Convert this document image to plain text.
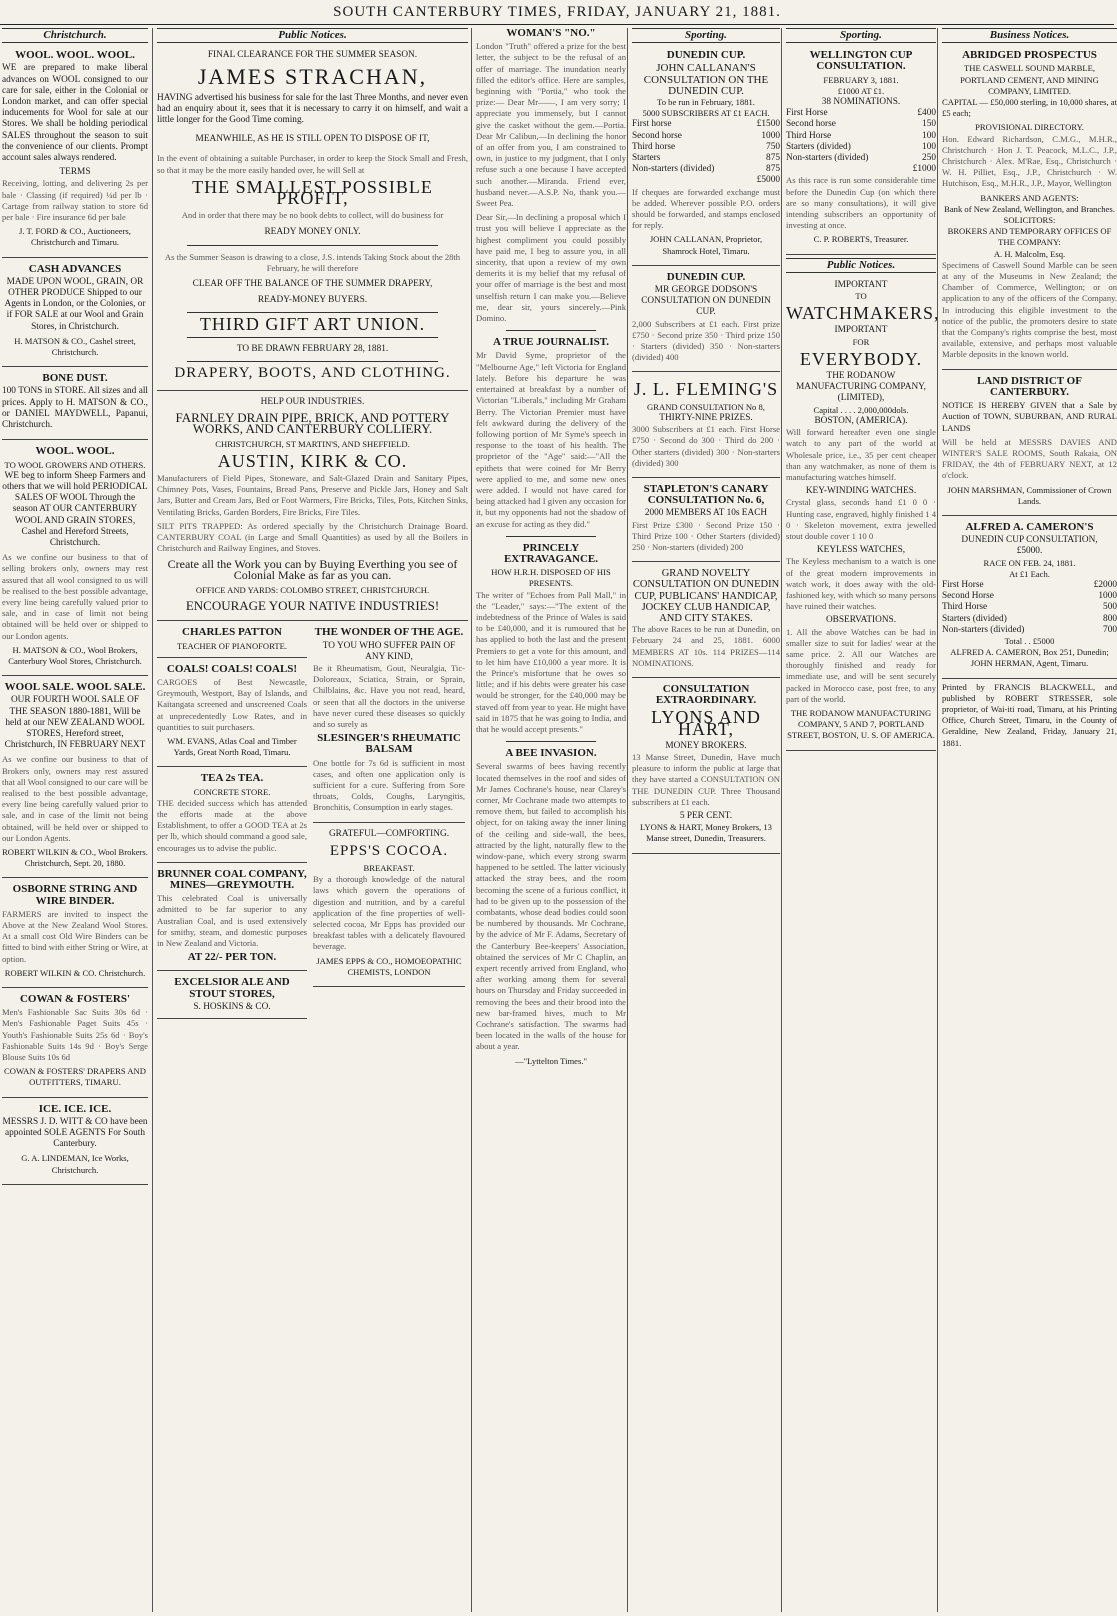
SOUTH CANTERBURY TIMES, FRIDAY, JANUARY 21, 1881.
Christchurch.
WOOL. WOOL. WOOL.

WE are prepared to make liberal advances on WOOL consigned to our care for sale, either in the Colonial or London market, and can offer special inducements for Wool for sale at our Stores. We shall be holding periodical SALES throughout the season to suit the convenience of our clients. Prompt account sales always rendered.

TERMS

Receiving, lotting, and delivering 2s per bale · Classing (if required) ¼d per lb · Cartage from railway station to store 6d per bale · Fire insurance 6d per bale

J. T. FORD & CO., Auctioneers, Christchurch and Timaru.

CASH ADVANCES

MADE UPON WOOL, GRAIN, OR OTHER PRODUCE Shipped to our Agents in London, or the Colonies, or if FOR SALE at our Wool and Grain Stores, in Christchurch.

H. MATSON & CO., Cashel street, Christchurch.

BONE DUST.

100 TONS in STORE. All sizes and all prices. Apply to H. MATSON & CO., or DANIEL MAYDWELL, Papanui, Christchurch.

WOOL. WOOL.
TO WOOL GROWERS AND OTHERS.

WE beg to inform Sheep Farmers and others that we will hold PERIODICAL SALES OF WOOL Through the season AT OUR CANTERBURY WOOL AND GRAIN STORES, Cashel and Hereford Streets, Christchurch.

As we confine our business to that of selling brokers only, owners may rest assured that all wool consigned to us will be realised to the best possible advantage, every line being carefully valued prior to sale, and in case of limit not being obtained will be held over or shipped to our London agents.

H. MATSON & CO., Wool Brokers, Canterbury Wool Stores, Christchurch.

WOOL SALE. WOOL SALE.

OUR FOURTH WOOL SALE OF THE SEASON 1880-1881, Will be held at our NEW ZEALAND WOOL STORES, Hereford street, Christchurch, IN FEBRUARY NEXT

As we confine our business to that of Brokers only, owners may rest assured that all Wool consigned to our care will be realised to the best possible advantage, every line being carefully valued prior to sale, and in case of the limit not being obtained, will be held over or shipped to our London Agents.

ROBERT WILKIN & CO., Wool Brokers. Christchurch, Sept. 20, 1880.

OSBORNE STRING AND WIRE BINDER.

FARMERS are invited to inspect the Above at the New Zealand Wool Stores. At a small cost Old Wire Binders can be fitted to bind with either String or Wire, at option.

ROBERT WILKIN & CO. Christchurch.

COWAN & FOSTERS'

Men's Fashionable Sac Suits 30s 6d · Men's Fashionable Paget Suits 45s · Youth's Fashionable Suits 25s 6d · Boy's Fashionable Suits 14s 9d · Boy's Serge Blouse Suits 10s 6d

COWAN & FOSTERS' DRAPERS AND OUTFITTERS, TIMARU.

ICE. ICE. ICE.

MESSRS J. D. WITT & CO have been appointed SOLE AGENTS For South Canterbury.

G. A. LINDEMAN, Ice Works, Christchurch.

Public Notices.
FINAL CLEARANCE FOR THE SUMMER SEASON.
JAMES STRACHAN,

HAVING advertised his business for sale for the last Three Months, and never even had an enquiry about it, sees that it is necessary to carry it on himself, and wait a little longer for the Good Time coming.

MEANWHILE, AS HE IS STILL OPEN TO DISPOSE OF IT,

In the event of obtaining a suitable Purchaser, in order to keep the Stock Small and Fresh, so that it may be the more easily handed over, he will Sell at

THE SMALLEST POSSIBLE PROFIT,

And in order that there may be no book debts to collect, will do business for

READY MONEY ONLY.

As the Summer Season is drawing to a close, J.S. intends Taking Stock about the 28th February, he will therefore

CLEAR OFF THE BALANCE OF THE SUMMER DRAPERY,
READY-MONEY BUYERS.
THIRD GIFT ART UNION.
TO BE DRAWN FEBRUARY 28, 1881.
DRAPERY, BOOTS, AND CLOTHING.
HELP OUR INDUSTRIES.
FARNLEY DRAIN PIPE, BRICK, AND POTTERY WORKS, AND CANTERBURY COLLIERY.
CHRISTCHURCH, ST MARTIN'S, AND SHEFFIELD.
AUSTIN, KIRK & CO.

Manufacturers of Field Pipes, Stoneware, and Salt-Glazed Drain and Sanitary Pipes, Chimney Pots, Vases, Fountains, Bread Pans, Preserve and Pickle Jars, Honey and Salt Jars, Butter and Cream Jars, Bed or Foot Warmers, Fire Bricks, Tiles, Pots, Kitchen Sinks, Ventilating Bricks, Garden Borders, Fire Bricks, Fire Tiles.

SILT PITS TRAPPED: As ordered specially by the Christchurch Drainage Board. CANTERBURY COAL (in Large and Small Quantities) as used by all the Boilers in Christchurch and Railway Engines, and Stoves.

Create all the Work you can by Buying Everthing you see of Colonial Make as far as you can.
OFFICE AND YARDS: COLOMBO STREET, CHRISTCHURCH.
ENCOURAGE YOUR NATIVE INDUSTRIES!
CHARLES PATTON
TEACHER OF PIANOFORTE.
COALS! COALS! COALS!

CARGOES of Best Newcastle, Greymouth, Westport, Bay of Islands, and Kaitangata screened and unscreened Coals at unprecedentedly Low Rates, and in quantities to suit purchasers.

WM. EVANS, Atlas Coal and Timber Yards, Great North Road, Timaru.

TEA 2s TEA.
CONCRETE STORE.

THE decided success which has attended the efforts made at the above Establishment, to offer a GOOD TEA at 2s per lb, which should command a good sale, encourages us to advise the public.

BRUNNER COAL COMPANY, MINES—GREYMOUTH.

This celebrated Coal is universally admitted to be far superior to any Australian Coal, and is used extensively for smithy, steam, and domestic purposes in New Zealand and Victoria.

AT 22/- PER TON.
EXCELSIOR ALE AND STOUT STORES,
S. HOSKINS & CO.
THE WONDER OF THE AGE.
TO YOU WHO SUFFER PAIN OF ANY KIND,

Be it Rheumatism, Gout, Neuralgia, Tic-Doloreaux, Sciatica, Strain, or Sprain, Chilblains, &c. Have you not read, heard, or seen that all the doctors in the universe have never cured these diseases so quickly and so surely as

SLESINGER'S RHEUMATIC BALSAM

One bottle for 7s 6d is sufficient in most cases, and often one application only is sufficient for a cure. Suffering from Sore throats, Colds, Coughs, Laryngitis, Bronchitis, Consumption in early stages.

GRATEFUL—COMFORTING.
EPPS'S COCOA.
BREAKFAST.

By a thorough knowledge of the natural laws which govern the operations of digestion and nutrition, and by a careful application of the fine properties of well-selected cocoa, Mr Epps has provided our breakfast tables with a delicately flavoured beverage.

JAMES EPPS & CO., HOMOEOPATHIC CHEMISTS, LONDON

WOMAN'S "NO."

London "Truth" offered a prize for the best letter, the subject to be the refusal of an offer of marriage. The inundation nearly filled the editor's office. Here are samples, beginning with "Portia," who took the prize:— Dear Mr——, I am very sorry; I appreciate you immensely, but I cannot give the casket without the gem.—Portia. Dear Mr Calibun,—In declining the honor of an offer from you, I am constrained to own, in justice to my judgment, that I only refuse such a one because I have accepted such another.—Miranda. Friend ever, husband never.—A.S.P. No, thank you.—Sweet Pea.

Dear Sir,—In declining a proposal which I trust you will believe I appreciate as the highest compliment you could possibly have paid me, I beg to assure you, in all sincerity, that upon a review of my own demerits it is my belief that my refusal of your offer of marriage is the best and most unselfish return I can make you.—Believe me, dear sir, yours sincerely.—Pink Domino.

A TRUE JOURNALIST.

Mr David Syme, proprietor of the "Melbourne Age," left Victoria for England lately. Before his departure he was entertained at breakfast by a number of Victorian "Liberals," including Mr Graham Berry. The Victorian Premier must have felt awkward during the delivery of the following portion of Mr Syme's speech in response to the toast of his health. The proprietor of the "Age" said:—"All the epithets that were coined for Mr Berry were applied to me, and some new ones were added. I would not have cared for being attacked had I given any occasion for it, but my opponents had not the shadow of an excuse for acting as they did."

PRINCELY EXTRAVAGANCE.
HOW H.R.H. DISPOSED OF HIS PRESENTS.

The writer of "Echoes from Pall Mall," in the "Leader," says:—"The extent of the indebtedness of the Prince of Wales is said to be £40,000, and it is rumoured that he has applied to both the last and the present Premiers to get a vote for this amount, and to let him have £10,000 a year more. It is the Prince's misfortune that he owes so little; and if his debts were greater his case would be stronger, for the £40,000 may be staved off from year to year. He might have said in 1875 that he was going to India, and that he would accept presents."

A BEE INVASION.

Several swarms of bees having recently located themselves in the roof and sides of Mr James Cochrane's house, near Clarey's corner, Mr Cochrane made two attempts to remove them, but failed to accomplish his object, for on taking away the inner lining of the ceiling and side-wall, the bees, attracted by the light, naturally flew to the window-pane, which every strong swarm happened to be settled. The latter viciously attacked the stray bees, and the room becoming the scene of a furious conflict, it had to be given up to the possession of the combatants, whose dead bodies could soon be numbered by thousands. Mr Cochrane, by the advice of Mr F. Adams, Secretary of the Canterbury Bee-keepers' Association, obtained the services of Mr C Chaplin, an expert recently arrived from England, who after working among them for several hours on Thursday and Friday succeeded in removing the bees and their brood into the new bar-framed hives, much to Mr Cochrane's satisfaction. The swarms had been located in the walls of the house for about a year.

—"Lyttelton Times."
Sporting.
DUNEDIN CUP.
JOHN CALLANAN'S CONSULTATION ON THE DUNEDIN CUP.
To be run in February, 1881.
5000 SUBSCRIBERS AT £1 EACH.
First horse	£1500
Second horse	1000
Third horse	750
Starters	875
Non-starters (divided)	875
£5000

If cheques are forwarded exchange must be added. Wherever possible P.O. orders should be forwarded, and stamps enclosed for reply.

JOHN CALLANAN, Proprietor, Shamrock Hotel, Timaru.

DUNEDIN CUP.
MR GEORGE DODSON'S CONSULTATION ON DUNEDIN CUP.

2,000 Subscribers at £1 each. First prize £750 · Second prize 350 · Third prize 150 · Starters (divided) 350 · Non-starters (divided) 400

J. L. FLEMING'S
GRAND CONSULTATION No 8,
THIRTY-NINE PRIZES.

3000 Subscribers at £1 each. First Horse £750 · Second do 300 · Third do 200 · Other starters (divided) 300 · Non-starters (divided) 300

STAPLETON'S CANARY CONSULTATION No. 6,
2000 MEMBERS AT 10s EACH

First Prize £300 · Second Prize 150 · Third Prize 100 · Other Starters (divided) 250 · Non-starters (divided) 200

GRAND NOVELTY CONSULTATION ON DUNEDIN CUP, PUBLICANS' HANDICAP, JOCKEY CLUB HANDICAP, AND CITY STAKES.

The above Races to be run at Dunedin, on February 24 and 25, 1881. 6000 MEMBERS AT 10s. 114 PRIZES—114 NOMINATIONS.

CONSULTATION EXTRAORDINARY.
LYONS AND HART,
MONEY BROKERS.

13 Manse Street, Dunedin, Have much pleasure to inform the public at large that they have started a CONSULTATION ON THE DUNEDIN CUP. Three Thousand subscribers at £1 each.

5 PER CENT.

LYONS & HART, Money Brokers, 13 Manse street, Dunedin, Treasurers.

Sporting.
WELLINGTON CUP CONSULTATION.
FEBRUARY 3, 1881.
£1000 AT £1.
38 NOMINATIONS.
First Horse	£400
Second horse	150
Third Horse	100
Starters (divided)	100
Non-starters (divided)	250
£1000

As this race is run some considerable time before the Dunedin Cup (on which there are so many consultations), it will give intending subscribers an opportunity of investing at once.

C. P. ROBERTS, Treasurer.

Public Notices.
IMPORTANT
TO
WATCHMAKERS,
IMPORTANT
FOR
EVERYBODY.
THE RODANOW MANUFACTURING COMPANY, (LIMITED),
Capital . . . . 2,000,000dols.
BOSTON, (AMERICA).

Will forward hereafter even one single watch to any part of the world at Wholesale price, i.e., 35 per cent cheaper than any watchmaker, as none of them is manufacturing watches himself.

KEY-WINDING WATCHES.

Crystal glass, seconds hand £1 0 0 · Hunting case, engraved, highly finished 1 4 0 · Skeleton movement, extra jewelled stout double cover 1 10 0

KEYLESS WATCHES,

The Keyless mechanism to a watch is one of the great modern improvements in watch work, it does away with the old-fashioned key, with which so many persons have ruined their watches.

OBSERVATIONS.

1. All the above Watches can be had in smaller size to suit for ladies' wear at the same price. 2. All our Watches are thoroughly finished and ready for immediate use, and will be sent securely packed in Morocco case, post free, to any part of the world.

THE RODANOW MANUFACTURING COMPANY, 5 AND 7, PORTLAND STREET, BOSTON, U. S. OF AMERICA.

Business Notices.
ABRIDGED PROSPECTUS
THE CASWELL SOUND MARBLE, PORTLAND CEMENT, AND MINING COMPANY, LIMITED.

CAPITAL — £50,000 sterling, in 10,000 shares, at £5 each;

PROVISIONAL DIRECTORY.

Hon. Edward Richardson, C.M.G., M.H.R., Christchurch · Hon J. T. Peacock, M.L.C., J.P., Christchurch · Alex. M'Rae, Esq., Christchurch · W. H. Pilliet, Esq., J.P., Christchurch · W. Hutchison, Esq., M.H.R., J.P., Mayor, Wellington

BANKERS AND AGENTS:
Bank of New Zealand, Wellington, and Branches.
SOLICITORS:
BROKERS AND TEMPORARY OFFICES OF THE COMPANY:
A. H. Malcolm, Esq.

Specimens of Caswell Sound Marble can be seen at any of the Museums in New Zealand; the Chamber of Commerce, Wellington; or on application to any of the officers of the Company. In introducing this eligible investment to the notice of the public, the promoters desire to state that the Company's rights comprise the best, most available, extensive, and perhaps most valuable Marble deposits in the known world.

LAND DISTRICT OF CANTERBURY.

NOTICE IS HEREBY GIVEN that a Sale by Auction of TOWN, SUBURBAN, AND RURAL LANDS

Will be held at MESSRS DAVIES AND WINTER'S SALE ROOMS, South Rakaia, ON FRIDAY, the 4th of FEBRUARY NEXT, at 12 o'clock.

JOHN MARSHMAN, Commissioner of Crown Lands.

ALFRED A. CAMERON'S
DUNEDIN CUP CONSULTATION,
£5000.
RACE ON FEB. 24, 1881.
At £1 Each.
First Horse	£2000
Second Horse	1000
Third Horse	500
Starters (divided)	800
Non-starters (divided)	700
Total . . £5000

ALFRED A. CAMERON, Box 251, Dunedin; JOHN HERMAN, Agent, Timaru.

Printed by FRANCIS BLACKWELL, and published by ROBERT STRESSER, sole proprietor, of Wai-iti road, Timaru, at his Printing Office, Church Street, Timaru, in the County of Geraldine, New Zealand, Friday, January 21, 1881.
